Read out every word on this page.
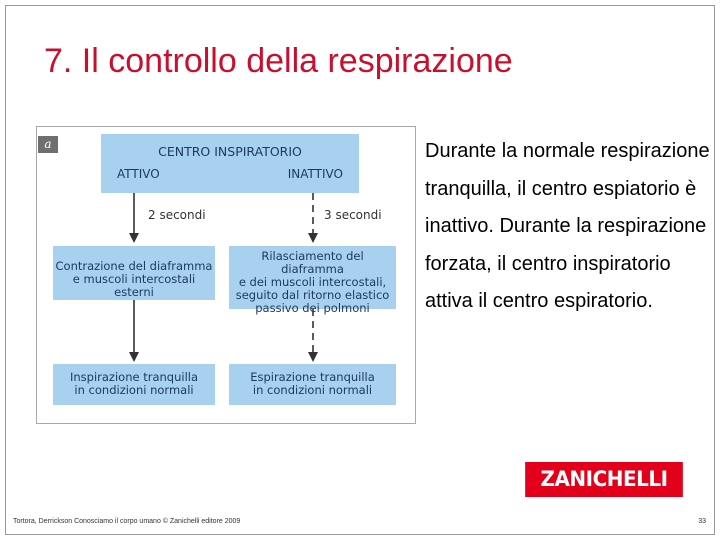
7. Il controllo della respirazione
a	CENTRO INSPIRATORIO
ATTIVO	INATTIVO
2 secondi	3 secondi
Contrazione del diaframma
e muscoli intercostali esterni
Rilasciamento del diaframma
e dei muscoli intercostali,
seguito dal ritorno elastico
passivo dei polmoni
Inspirazione tranquilla
in condizioni normali
Espirazione tranquilla
in condizioni normali
Durante la normale respirazione tranquilla, il centro espiatorio è inattivo. Durante la respirazione forzata, il centro inspiratorio attiva il centro espiratorio.
ZANICHELLI
Tortora, Derrickson Conosciamo il corpo umano © Zanichelli editore 2009	33
